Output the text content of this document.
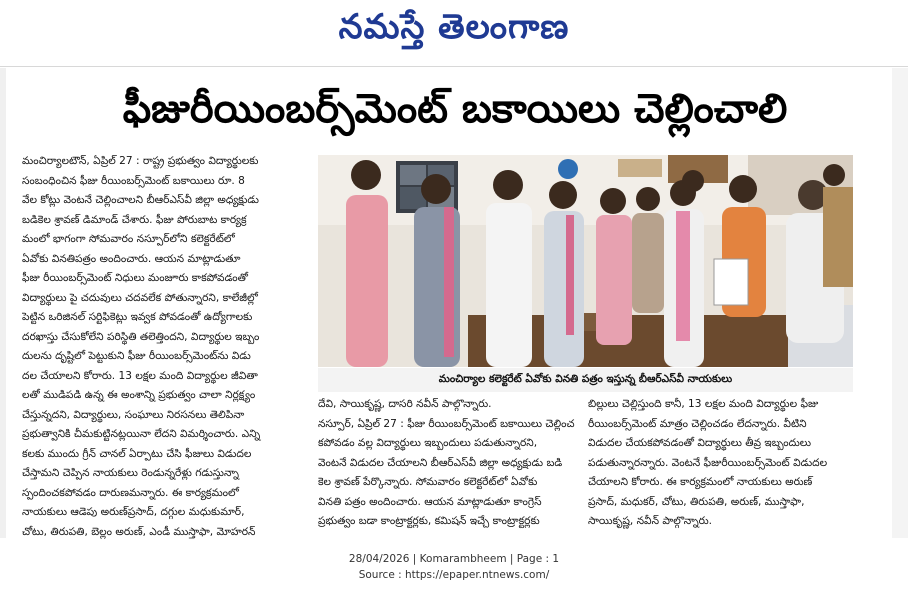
నమస్తే తెలంగాణ
ఫీజురీయింబర్స్‌మెంట్ బకాయిలు చెల్లించాలి
మంచిర్యాలటౌన్, ఏప్రిల్ 27 : రాష్ట్ర ప్రభుత్వం విద్యార్థులకు
సంబంధించిన ఫీజు రీయింబర్స్‌మెంట్ బకాయిలు రూ. 8
వేల కోట్లు వెంటనే చెల్లించాలని బీఆర్‌ఎస్‌వీ జిల్లా అధ్యక్షుడు
బడికెల శ్రావణ్ డిమాండ్ చేశారు. ఫీజు పోరుబాట కార్యక్ర
మంలో భాగంగా సోమవారం నస్పూర్‌లోని కలెక్టరేట్‌లో
ఏవోకు వినతిపత్రం అందించారు. ఆయన మాట్లాడుతూ
ఫీజు రీయింబర్స్‌మెంట్ నిధులు మంజూరు కాకపోవడంతో
విద్యార్థులు పై చదువులు చదవలేక పోతున్నారని, కాలేజీల్లో
పెట్టిన ఒరిజినల్ సర్టిఫికెట్లు ఇవ్వక పోవడంతో ఉద్యోగాలకు
దరఖాస్తు చేసుకోలేని పరిస్థితి తలెత్తిందని, విద్యార్థుల ఇబ్బం
దులను దృష్టిలో పెట్టుకుని ఫీజు రీయింబర్స్‌మెంట్‌ను విడు
దల చేయాలని కోరారు. 13 లక్షల మంది విద్యార్థుల జీవితా
లతో ముడిపడి ఉన్న ఈ అంశాన్ని ప్రభుత్వం చాలా నిర్లక్ష్యం
చేస్తున్నదని, విద్యార్థులు, సంఘాలు నిరసనలు తెలిపినా
ప్రభుత్వానికి చీమకుట్టినట్లయినా లేదని విమర్శించారు. ఎన్ని
కలకు ముందు గ్రీన్ చానల్ ఏర్పాటు చేసి ఫీజులు విడుదల
చేస్తామని చెప్పిన నాయకులు రెండున్నరేళ్లు గడుస్తున్నా
స్పందించకపోవడం దారుణమన్నారు. ఈ కార్యక్రమంలో
నాయకులు ఆడెపు అరుణ్‌ప్రసాద్, దగ్గుల మధుకుమార్,
చోటు, తిరుపతి, బెల్లం అరుణ్, ఎండీ ముస్తాఫా, మోహరన్
మంచిర్యాల కలెక్టరేట్ ఏవోకు వినతి పత్రం ఇస్తున్న బీఆర్‌ఎస్‌వీ నాయకులు
దేవి, సాయికృష్ణ, దాసరి నవీన్ పాల్గొన్నారు.
నస్పూర్, ఏప్రిల్ 27 : ఫీజు రీయింబర్స్‌మెంట్ బకాయిలు చెల్లించ
కపోవడం వల్ల విద్యార్థులు ఇబ్బందులు పడుతున్నారని,
వెంటనే విడుదల చేయాలని బీఆర్‌ఎస్‌వీ జిల్లా అధ్యక్షుడు బడి
కెల శ్రావణ్ పేర్కొన్నారు. సోమవారం కలెక్టరేట్‌లో ఏవోకు
వినతి పత్రం అందించారు. ఆయన మాట్లాడుతూ కాంగ్రెస్
ప్రభుత్వం బడా కాంట్రాక్టర్లకు, కమిషన్ ఇచ్చే కాంట్రాక్టర్లకు
బిల్లులు చెల్లిస్తుంది కానీ, 13 లక్షల మంది విద్యార్థుల ఫీజు
రీయింబర్స్‌మెంట్ మాత్రం చెల్లించడం లేదన్నారు. వీటిని
విడుదల చేయకపోవడంతో విద్యార్థులు తీవ్ర ఇబ్బందులు
పడుతున్నారన్నారు. వెంటనే ఫీజురీయింబర్స్‌మెంట్ విడుదల
చేయాలని కోరారు. ఈ కార్యక్రమంలో నాయకులు అరుణ్
ప్రసాద్, మధుకర్, చోటు, తిరుపతి, అరుణ్, ముస్తాఫా,
సాయికృష్ణ, నవీన్ పాల్గొన్నారు.
28/04/2026 | Komarambheem | Page : 1
Source : https://epaper.ntnews.com/
